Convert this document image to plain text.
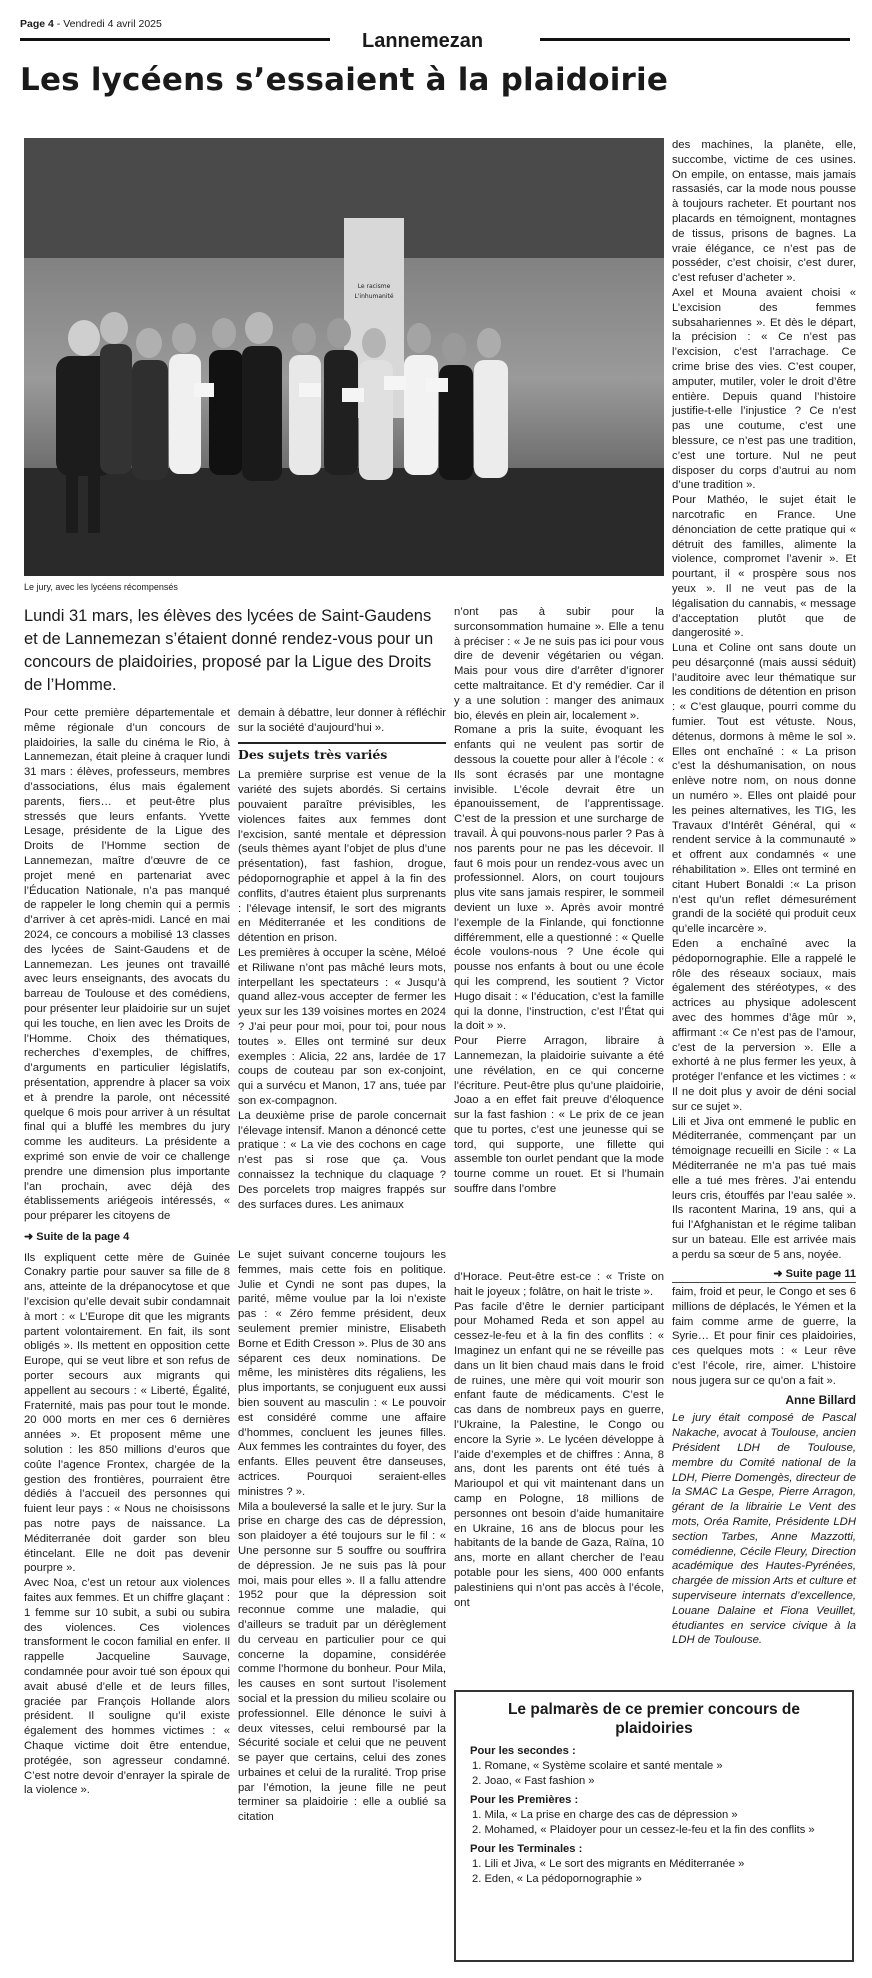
Page 4 - Vendredi 4 avril 2025
Lannemezan
Les lycéens s’essaient à la plaidoirie
Le racisme
L'inhumanité
Le jury, avec les lycéens récompensés
Lundi 31 mars, les élèves des lycées de Saint-Gaudens et de Lannemezan s’étaient donné rendez-vous pour un concours de plaidoiries, proposé par la Ligue des Droits de l’Homme.

Pour cette première départementale et même régionale d’un concours de plaidoiries, la salle du cinéma le Rio, à Lannemezan, était pleine à craquer lundi 31 mars : élèves, professeurs, membres d’associations, élus mais également parents, fiers… et peut-être plus stressés que leurs enfants. Yvette Lesage, présidente de la Ligue des Droits de l’Homme section de Lannemezan, maître d’œuvre de ce projet mené en partenariat avec l’Éducation Nationale, n’a pas manqué de rappeler le long chemin qui a permis d’arriver à cet après-midi. Lancé en mai 2024, ce concours a mobilisé 13 classes des lycées de Saint-Gaudens et de Lannemezan. Les jeunes ont travaillé avec leurs enseignants, des avocats du barreau de Toulouse et des comédiens, pour présenter leur plaidoirie sur un sujet qui les touche, en lien avec les Droits de l’Homme. Choix des thématiques, recherches d’exemples, de chiffres, d’arguments en particulier législatifs, présentation, apprendre à placer sa voix et à prendre la parole, ont nécessité quelque 6 mois pour arriver à un résultat final qui a bluffé les membres du jury comme les auditeurs. La présidente a exprimé son envie de voir ce challenge prendre une dimension plus importante l’an prochain, avec déjà des établissements ariégeois intéressés, « pour préparer les citoyens de

➜ Suite de la page 4

Ils expliquent cette mère de Guinée Conakry partie pour sauver sa fille de 8 ans, atteinte de la drépanocytose et que l’excision qu’elle devait subir condamnait à mort : « L’Europe dit que les migrants partent volontairement. En fait, ils sont obligés ». Ils mettent en opposition cette Europe, qui se veut libre et son refus de porter secours aux migrants qui appellent au secours : « Liberté, Égalité, Fraternité, mais pas pour tout le monde. 20 000 morts en mer ces 6 dernières années ». Et proposent même une solution : les 850 millions d’euros que coûte l’agence Frontex, chargée de la gestion des frontières, pourraient être dédiés à l’accueil des personnes qui fuient leur pays : « Nous ne choisissons pas notre pays de naissance. La Méditerranée doit garder son bleu étincelant. Elle ne doit pas devenir pourpre ».

Avec Noa, c’est un retour aux violences faites aux femmes. Et un chiffre glaçant : 1 femme sur 10 subit, a subi ou subira des violences. Ces violences transforment le cocon familial en enfer. Il rappelle Jacqueline Sauvage, condamnée pour avoir tué son époux qui avait abusé d’elle et de leurs filles, graciée par François Hollande alors président. Il souligne qu’il existe également des hommes victimes : « Chaque victime doit être entendue, protégée, son agresseur condamné. C’est notre devoir d’enrayer la spirale de la violence ».

demain à débattre, leur donner à réfléchir sur la société d’aujourd’hui ».

Des sujets très variés

La première surprise est venue de la variété des sujets abordés. Si certains pouvaient paraître prévisibles, les violences faites aux femmes dont l’excision, santé mentale et dépression (seuls thèmes ayant l’objet de plus d’une présentation), fast fashion, drogue, pédopornographie et appel à la fin des conflits, d’autres étaient plus surprenants : l’élevage intensif, le sort des migrants en Méditerranée et les conditions de détention en prison.

Les premières à occuper la scène, Méloé et Riliwane n’ont pas mâché leurs mots, interpellant les spectateurs : « Jusqu’à quand allez-vous accepter de fermer les yeux sur les 139 voisines mortes en 2024 ? J’ai peur pour moi, pour toi, pour nous toutes ». Elles ont terminé sur deux exemples : Alicia, 22 ans, lardée de 17 coups de couteau par son ex-conjoint, qui a survécu et Manon, 17 ans, tuée par son ex-compagnon.

La deuxième prise de parole concernait l’élevage intensif. Manon a dénoncé cette pratique : « La vie des cochons en cage n’est pas si rose que ça. Vous connaissez la technique du claquage ? Des porcelets trop maigres frappés sur des surfaces dures. Les animaux

Le sujet suivant concerne toujours les femmes, mais cette fois en politique. Julie et Cyndi ne sont pas dupes, la parité, même voulue par la loi n’existe pas : « Zéro femme président, deux seulement premier ministre, Elisabeth Borne et Edith Cresson ». Plus de 30 ans séparent ces deux nominations. De même, les ministères dits régaliens, les plus importants, se conjuguent eux aussi bien souvent au masculin : « Le pouvoir est considéré comme une affaire d’hommes, concluent les jeunes filles. Aux femmes les contraintes du foyer, des enfants. Elles peuvent être danseuses, actrices. Pourquoi seraient-elles ministres ? ».

Mila a bouleversé la salle et le jury. Sur la prise en charge des cas de dépression, son plaidoyer a été toujours sur le fil : « Une personne sur 5 souffre ou souffrira de dépression. Je ne suis pas là pour moi, mais pour elles ». Il a fallu attendre 1952 pour que la dépression soit reconnue comme une maladie, qui d’ailleurs se traduit par un dérèglement du cerveau en particulier pour ce qui concerne la dopamine, considérée comme l’hormone du bonheur. Pour Mila, les causes en sont surtout l’isolement social et la pression du milieu scolaire ou professionnel. Elle dénonce le suivi à deux vitesses, celui remboursé par la Sécurité sociale et celui que ne peuvent se payer que certains, celui des zones urbaines et celui de la ruralité. Trop prise par l’émotion, la jeune fille ne peut terminer sa plaidoirie : elle a oublié sa citation

n’ont pas à subir pour la surconsommation humaine ». Elle a tenu à préciser : « Je ne suis pas ici pour vous dire de devenir végétarien ou végan. Mais pour vous dire d’arrêter d’ignorer cette maltraitance. Et d’y remédier. Car il y a une solution : manger des animaux bio, élevés en plein air, localement ».

Romane a pris la suite, évoquant les enfants qui ne veulent pas sortir de dessous la couette pour aller à l’école : « Ils sont écrasés par une montagne invisible. L’école devrait être un épanouissement, de l’apprentissage. C’est de la pression et une surcharge de travail. À qui pouvons-nous parler ? Pas à nos parents pour ne pas les décevoir. Il faut 6 mois pour un rendez-vous avec un professionnel. Alors, on court toujours plus vite sans jamais respirer, le sommeil devient un luxe ». Après avoir montré l’exemple de la Finlande, qui fonctionne différemment, elle a questionné : « Quelle école voulons-nous ? Une école qui pousse nos enfants à bout ou une école qui les comprend, les soutient ? Victor Hugo disait : « l’éducation, c’est la famille qui la donne, l’instruction, c’est l’État qui la doit » ».

Pour Pierre Arragon, libraire à Lannemezan, la plaidoirie suivante a été une révélation, en ce qui concerne l’écriture. Peut-être plus qu’une plaidoirie, Joao a en effet fait preuve d’éloquence sur la fast fashion : « Le prix de ce jean que tu portes, c’est une jeunesse qui se tord, qui supporte, une fillette qui assemble ton ourlet pendant que la mode tourne comme un rouet. Et si l’humain souffre dans l’ombre

d’Horace. Peut-être est-ce : « Triste on hait le joyeux ; folâtre, on hait le triste ».

Pas facile d’être le dernier participant pour Mohamed Reda et son appel au cessez-le-feu et à la fin des conflits : « Imaginez un enfant qui ne se réveille pas dans un lit bien chaud mais dans le froid de ruines, une mère qui voit mourir son enfant faute de médicaments. C’est le cas dans de nombreux pays en guerre, l’Ukraine, la Palestine, le Congo ou encore la Syrie ». Le lycéen développe à l’aide d’exemples et de chiffres : Anna, 8 ans, dont les parents ont été tués à Marioupol et qui vit maintenant dans un camp en Pologne, 18 millions de personnes ont besoin d’aide humanitaire en Ukraine, 16 ans de blocus pour les habitants de la bande de Gaza, Raïna, 10 ans, morte en allant chercher de l’eau potable pour les siens, 400 000 enfants palestiniens qui n’ont pas accès à l’école, ont

des machines, la planète, elle, succombe, victime de ces usines. On empile, on entasse, mais jamais rassasiés, car la mode nous pousse à toujours racheter. Et pourtant nos placards en témoignent, montagnes de tissus, prisons de bagnes. La vraie élégance, ce n’est pas de posséder, c’est choisir, c’est durer, c’est refuser d’acheter ».

Axel et Mouna avaient choisi « L’excision des femmes subsahariennes ». Et dès le départ, la précision : « Ce n’est pas l’excision, c’est l’arrachage. Ce crime brise des vies. C’est couper, amputer, mutiler, voler le droit d’être entière. Depuis quand l’histoire justifie-t-elle l’injustice ? Ce n’est pas une coutume, c’est une blessure, ce n’est pas une tradition, c’est une torture. Nul ne peut disposer du corps d’autrui au nom d’une tradition ».

Pour Mathéo, le sujet était le narcotrafic en France. Une dénonciation de cette pratique qui « détruit des familles, alimente la violence, compromet l’avenir ». Et pourtant, il « prospère sous nos yeux ». Il ne veut pas de la légalisation du cannabis, « message d’acceptation plutôt que de dangerosité ».

Luna et Coline ont sans doute un peu désarçonné (mais aussi séduit) l’auditoire avec leur thématique sur les conditions de détention en prison : « C’est glauque, pourri comme du fumier. Tout est vétuste. Nous, détenus, dormons à même le sol ». Elles ont enchaîné : « La prison c’est la déshumanisation, on nous enlève notre nom, on nous donne un numéro ». Elles ont plaidé pour les peines alternatives, les TIG, les Travaux d’Intérêt Général, qui « rendent service à la communauté » et offrent aux condamnés « une réhabilitation ». Elles ont terminé en citant Hubert Bonaldi :« La prison n’est qu’un reflet démesurément grandi de la société qui produit ceux qu’elle incarcère ».

Eden a enchaîné avec la pédopornographie. Elle a rappelé le rôle des réseaux sociaux, mais également des stéréotypes, « des actrices au physique adolescent avec des hommes d’âge mûr », affirmant :« Ce n’est pas de l’amour, c’est de la perversion ». Elle a exhorté à ne plus fermer les yeux, à protéger l’enfance et les victimes : « Il ne doit plus y avoir de déni social sur ce sujet ».

Lili et Jiva ont emmené le public en Méditerranée, commençant par un témoignage recueilli en Sicile : « La Méditerranée ne m’a pas tué mais elle a tué mes frères. J’ai entendu leurs cris, étouffés par l’eau salée ». Ils racontent Marina, 19 ans, qui a fui l’Afghanistan et le régime taliban sur un bateau. Elle est arrivée mais a perdu sa sœur de 5 ans, noyée.

➜ Suite page 11

faim, froid et peur, le Congo et ses 6 millions de déplacés, le Yémen et la faim comme arme de guerre, la Syrie… Et pour finir ces plaidoiries, ces quelques mots : « Leur rêve c’est l’école, rire, aimer. L’histoire nous jugera sur ce qu’on a fait ».

Anne Billard

Le jury était composé de Pascal Nakache, avocat à Toulouse, ancien Président LDH de Toulouse, membre du Comité national de la LDH, Pierre Domengès, directeur de la SMAC La Gespe, Pierre Arragon, gérant de la librairie Le Vent des mots, Oréa Ramite, Présidente LDH section Tarbes, Anne Mazzotti, comédienne, Cécile Fleury, Direction académique des Hautes-Pyrénées, chargée de mission Arts et culture et superviseure internats d’excellence, Louane Dalaine et Fiona Veuillet, étudiantes en service civique à la LDH de Toulouse.

Le palmarès de ce premier concours de plaidoiries
Pour les secondes :
1. Romane, « Système scolaire et santé mentale »
2. Joao, « Fast fashion »
Pour les Premières :
1. Mila, « La prise en charge des cas de dépression »
2. Mohamed, « Plaidoyer pour un cessez-le-feu et la fin des conflits »
Pour les Terminales :
1. Lili et Jiva, « Le sort des migrants en Méditerranée »
2. Eden, « La pédopornographie »
